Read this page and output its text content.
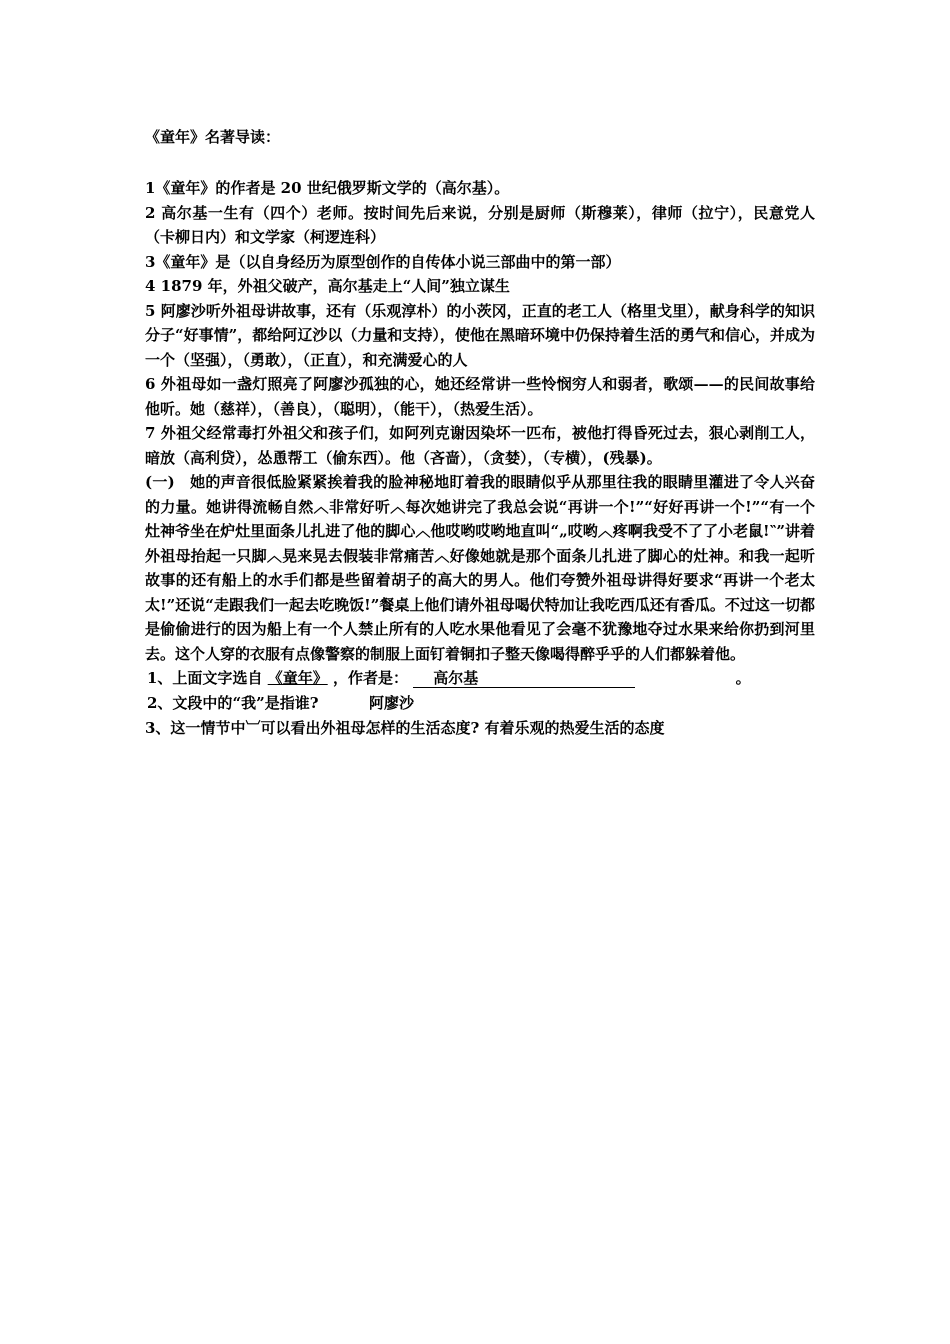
《童年》名著导读：

1《童年》的作者是 20 世纪俄罗斯文学的（高尔基）。

2 高尔基一生有（四个）老师。按时间先后来说，分别是厨师（斯穆莱），律师（拉宁），民意党人（卡柳日内）和文学家（柯逻连科）

3《童年》是（以自身经历为原型创作的自传体小说三部曲中的第一部）

4 1879 年，外祖父破产，高尔基走上“人间”独立谋生

5 阿廖沙听外祖母讲故事，还有（乐观淳朴）的小茨冈，正直的老工人（格里戈里），献身科学的知识分子“好事情”，都给阿辽沙以（力量和支持），使他在黑暗环境中仍保持着生活的勇气和信心，并成为一个（坚强），（勇敢），（正直），和充满爱心的人

6 外祖母如一盏灯照亮了阿廖沙孤独的心，她还经常讲一些怜悯穷人和弱者，歌颂——的民间故事给他听。她（慈祥），（善良），（聪明），（能干），（热爱生活）。

7 外祖父经常毒打外祖父和孩子们，如阿列克谢因染坏一匹布，被他打得昏死过去，狠心剥削工人，暗放（高利贷），怂恿帮工（偷东西）。他（吝啬），（贪婪），（专横），(残暴)。

(一)　她的声音很低脸紧紧挨着我的脸神秘地盯着我的眼睛似乎从那里往我的眼睛里灌进了令人兴奋的力量。她讲得流畅自然︿非常好听︿每次她讲完了我总会说“再讲一个!”“好好再讲一个!”“有一个灶神爷坐在炉灶里面条儿扎进了他的脚心︿他哎哟哎哟地直叫“„哎哟︿疼啊我受不了了小老鼠!‶”讲着外祖母抬起一只脚︿晃来晃去假装非常痛苦︿好像她就是那个面条儿扎进了脚心的灶神。和我一起听故事的还有船上的水手们都是些留着胡子的高大的男人。他们夸赞外祖母讲得好要求“再讲一个老太太!”还说“走跟我们一起去吃晚饭!”餐桌上他们请外祖母喝伏特加让我吃西瓜还有香瓜。不过这一切都是偷偷进行的因为船上有一个人禁止所有的人吃水果他看见了会毫不犹豫地夺过水果来给你扔到河里去。这个人穿的衣服有点像警察的制服上面钉着铜扣子整天像喝得醉乎乎的人们都躲着他。

1、上面文字选自 《童年》 ，作者是： 高尔基	。

2、文段中的“我”是指谁?	阿廖沙

3、这一情节中︺可以看出外祖母怎样的生活态度? 有着乐观的热爱生活的态度
